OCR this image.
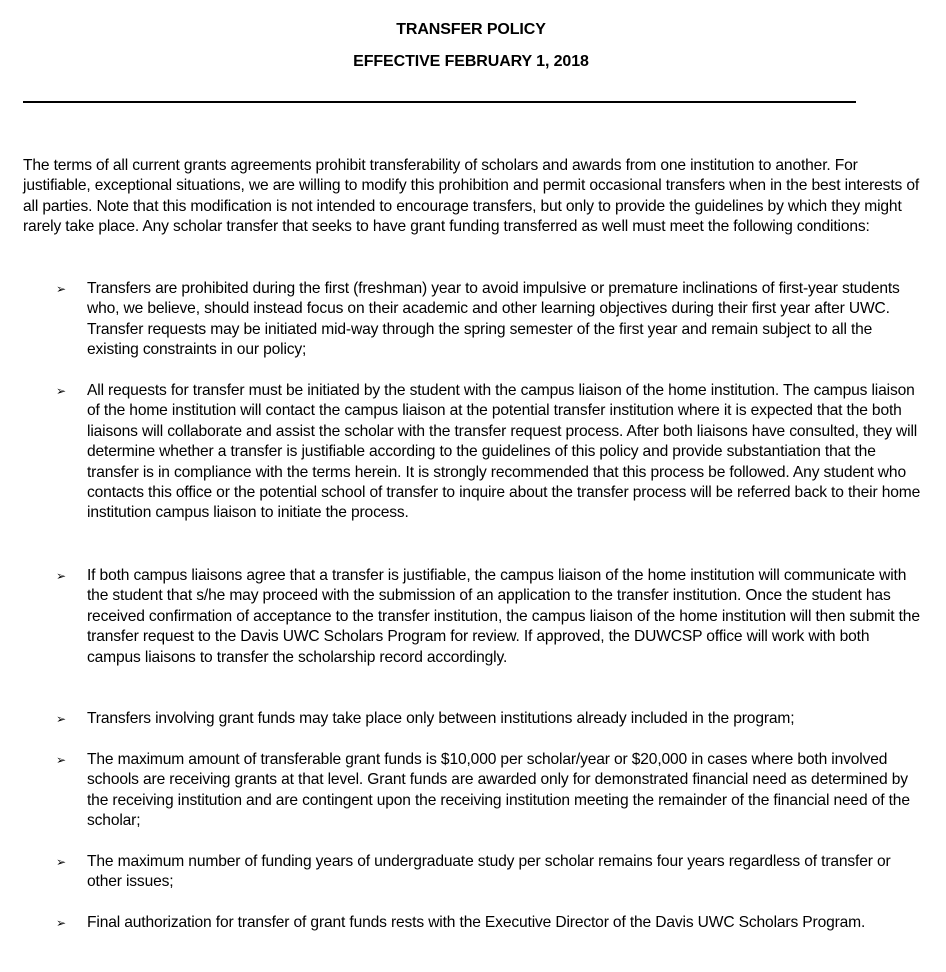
TRANSFER POLICY
EFFECTIVE FEBRUARY 1, 2018

The terms of all current grants agreements prohibit transferability of scholars and awards from one institution to another. For justifiable, exceptional situations, we are willing to modify this prohibition and permit occasional transfers when in the best interests of all parties. Note that this modification is not intended to encourage transfers, but only to provide the guidelines by which they might rarely take place. Any scholar transfer that seeks to have grant funding transferred as well must meet the following conditions:

➢	Transfers are prohibited during the first (freshman) year to avoid impulsive or premature inclinations of first-year students who, we believe, should instead focus on their academic and other learning objectives during their first year after UWC. Transfer requests may be initiated mid-way through the spring semester of the first year and remain subject to all the existing constraints in our policy;
➢	All requests for transfer must be initiated by the student with the campus liaison of the home institution. The campus liaison of the home institution will contact the campus liaison at the potential transfer institution where it is expected that the both liaisons will collaborate and assist the scholar with the transfer request process. After both liaisons have consulted, they will determine whether a transfer is justifiable according to the guidelines of this policy and provide substantiation that the transfer is in compliance with the terms herein. It is strongly recommended that this process be followed. Any student who contacts this office or the potential school of transfer to inquire about the transfer process will be referred back to their home institution campus liaison to initiate the process.
➢	If both campus liaisons agree that a transfer is justifiable, the campus liaison of the home institution will communicate with the student that s/he may proceed with the submission of an application to the transfer institution. Once the student has received confirmation of acceptance to the transfer institution, the campus liaison of the home institution will then submit the transfer request to the Davis UWC Scholars Program for review. If approved, the DUWCSP office will work with both campus liaisons to transfer the scholarship record accordingly.
➢	Transfers involving grant funds may take place only between institutions already included in the program;
➢	The maximum amount of transferable grant funds is $10,000 per scholar/year or $20,000 in cases where both involved schools are receiving grants at that level. Grant funds are awarded only for demonstrated financial need as determined by the receiving institution and are contingent upon the receiving institution meeting the remainder of the financial need of the scholar;
➢	The maximum number of funding years of undergraduate study per scholar remains four years regardless of transfer or other issues;
➢	Final authorization for transfer of grant funds rests with the Executive Director of the Davis UWC Scholars Program.
